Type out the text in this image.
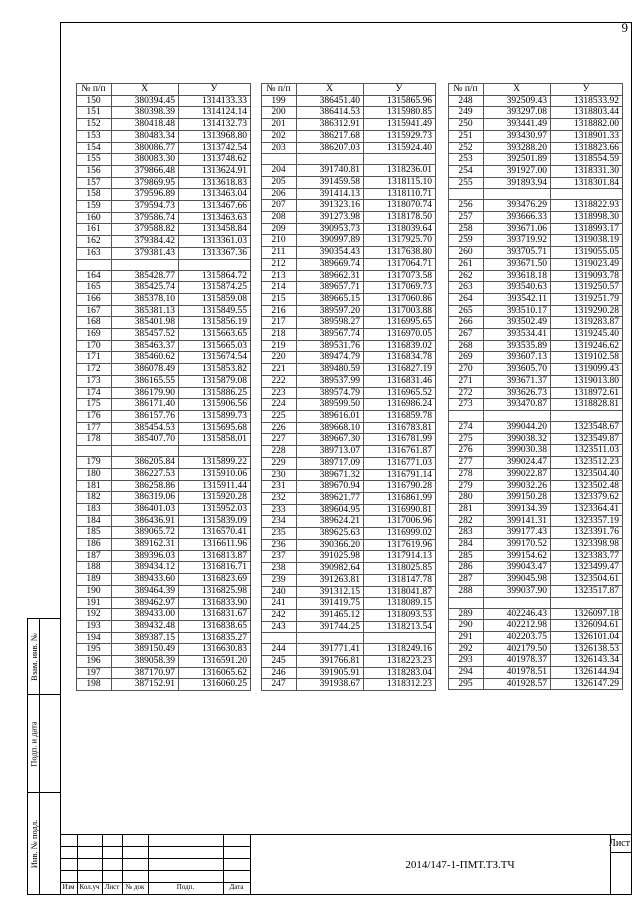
9
№ п/п	X	У
150	380394.45	1314133.33
151	380398.39	1314124.14
152	380418.48	1314132.73
153	380483.34	1313968.80
154	380086.77	1313742.54
155	380083.30	1313748.62
156	379866.48	1313624.91
157	379869.95	1313618.83
158	379596.89	1313463.04
159	379594.73	1313467.66
160	379586.74	1313463.63
161	379588.82	1313458.84
162	379384.42	1313361.03
163	379381.43	1313367.36

164	385428.77	1315864.72
165	385425.74	1315874.25
166	385378.10	1315859.08
167	385381.13	1315849.55
168	385401.98	1315856.19
169	385457.52	1315663.65
170	385463.37	1315665.03
171	385460.62	1315674.54
172	386078.49	1315853.82
173	386165.55	1315879.08
174	386179.90	1315886.25
175	386171.40	1315906.56
176	386157.76	1315899.73
177	385454.53	1315695.68
178	385407.70	1315858.01

179	386205.84	1315899.22
180	386227.53	1315910.06
181	386258.86	1315911.44
182	386319.06	1315920.28
183	386401.03	1315952.03
184	386436.91	1315839.09
185	389065.72	1316570.41
186	389162.31	1316611.96
187	389396.03	1316813.87
188	389434.12	1316816.71
189	389433.60	1316823.69
190	389464.39	1316825.98
191	389462.97	1316833.90
192	389433.00	1316831.67
193	389432.48	1316838.65
194	389387.15	1316835.27
195	389150.49	1316630.83
196	389058.39	1316591.20
197	387170.97	1316065.62
198	387152.91	1316060.25
№ п/п	X	У
199	386451.40	1315865.96
200	386414.53	1315980.85
201	386312.91	1315941.49
202	386217.68	1315929.73
203	386207.03	1315924.40

204	391740.81	1318236.01
205	391459.58	1318115.10
206	391414.13	1318110.71
207	391323.16	1318070.74
208	391273.98	1318178.50
209	390953.73	1318039.64
210	390997.89	1317925.70
211	390354.43	1317638.80
212	389669.74	1317064.71
213	389662.31	1317073.58
214	389657.71	1317069.73
215	389665.15	1317060.86
216	389597.20	1317003.88
217	389598.27	1316995.65
218	389567.74	1316970.05
219	389531.76	1316839.02
220	389474.79	1316834.78
221	389480.59	1316827.19
222	389537.99	1316831.46
223	389574.79	1316965.52
224	389599.50	1316986.24
225	389616.01	1316859.78
226	389668.10	1316783.81
227	389667.30	1316781.99
228	389713.07	1316761.87
229	389717.09	1316771.03
230	389671.32	1316791.14
231	389670.94	1316790.28
232	389621.77	1316861.99
233	389604.95	1316990.81
234	389624.21	1317006.96
235	389625.63	1316999.02
236	390366.20	1317619.96
237	391025.98	1317914.13
238	390982.64	1318025.85
239	391263.81	1318147.78
240	391312.15	1318041.87
241	391419.75	1318089.15
242	391465.12	1318093.53
243	391744.25	1318213.54

244	391771.41	1318249.16
245	391766.81	1318223.23
246	391905.91	1318283.04
247	391938.67	1318312.23
№ п/п	X	У
248	392509.43	1318533.92
249	393297.08	1318803.44
250	393441.49	1318882.00
251	393430.97	1318901.33
252	393288.20	1318823.66
253	392501.89	1318554.59
254	391927.00	1318331.30
255	391893.94	1318301.84

256	393476.29	1318822.93
257	393666.33	1318998.30
258	393671.06	1318993.17
259	393719.92	1319038.19
260	393705.71	1319055.05
261	393671.50	1319023.49
262	393618.18	1319093.78
263	393540.63	1319250.57
264	393542.11	1319251.79
265	393510.17	1319290.28
266	393502.49	1319283.87
267	393534.41	1319245.40
268	393535.89	1319246.62
269	393607.13	1319102.58
270	393605.70	1319099.43
271	393671.37	1319013.80
272	393626.73	1318972.61
273	393470.87	1318828.81

274	399044.20	1323548.67
275	399038.32	1323549.87
276	399030.38	1323511.03
277	399024.47	1323512.23
278	399022.87	1323504.40
279	399032.26	1323502.48
280	399150.28	1323379.62
281	399134.39	1323364.41
282	399141.31	1323357.19
283	399177.43	1323391.76
284	399170.52	1323398.98
285	399154.62	1323383.77
286	399043.47	1323499.47
287	399045.98	1323504.61
288	399037.90	1323517.87

289	402246.43	1326097.18
290	402212.98	1326094.61
291	402203.75	1326101.04
292	402179.50	1326138.53
293	401978.37	1326143.34
294	401978.51	1326144.94
295	401928.57	1326147.29
Взам. инв. №
Подп. и дата
Инв. № подл.	2014/147-1-ПМТ.ТЗ.ТЧ
Лист
Изм Кол.уч Лист № док	Подп.	Дата
